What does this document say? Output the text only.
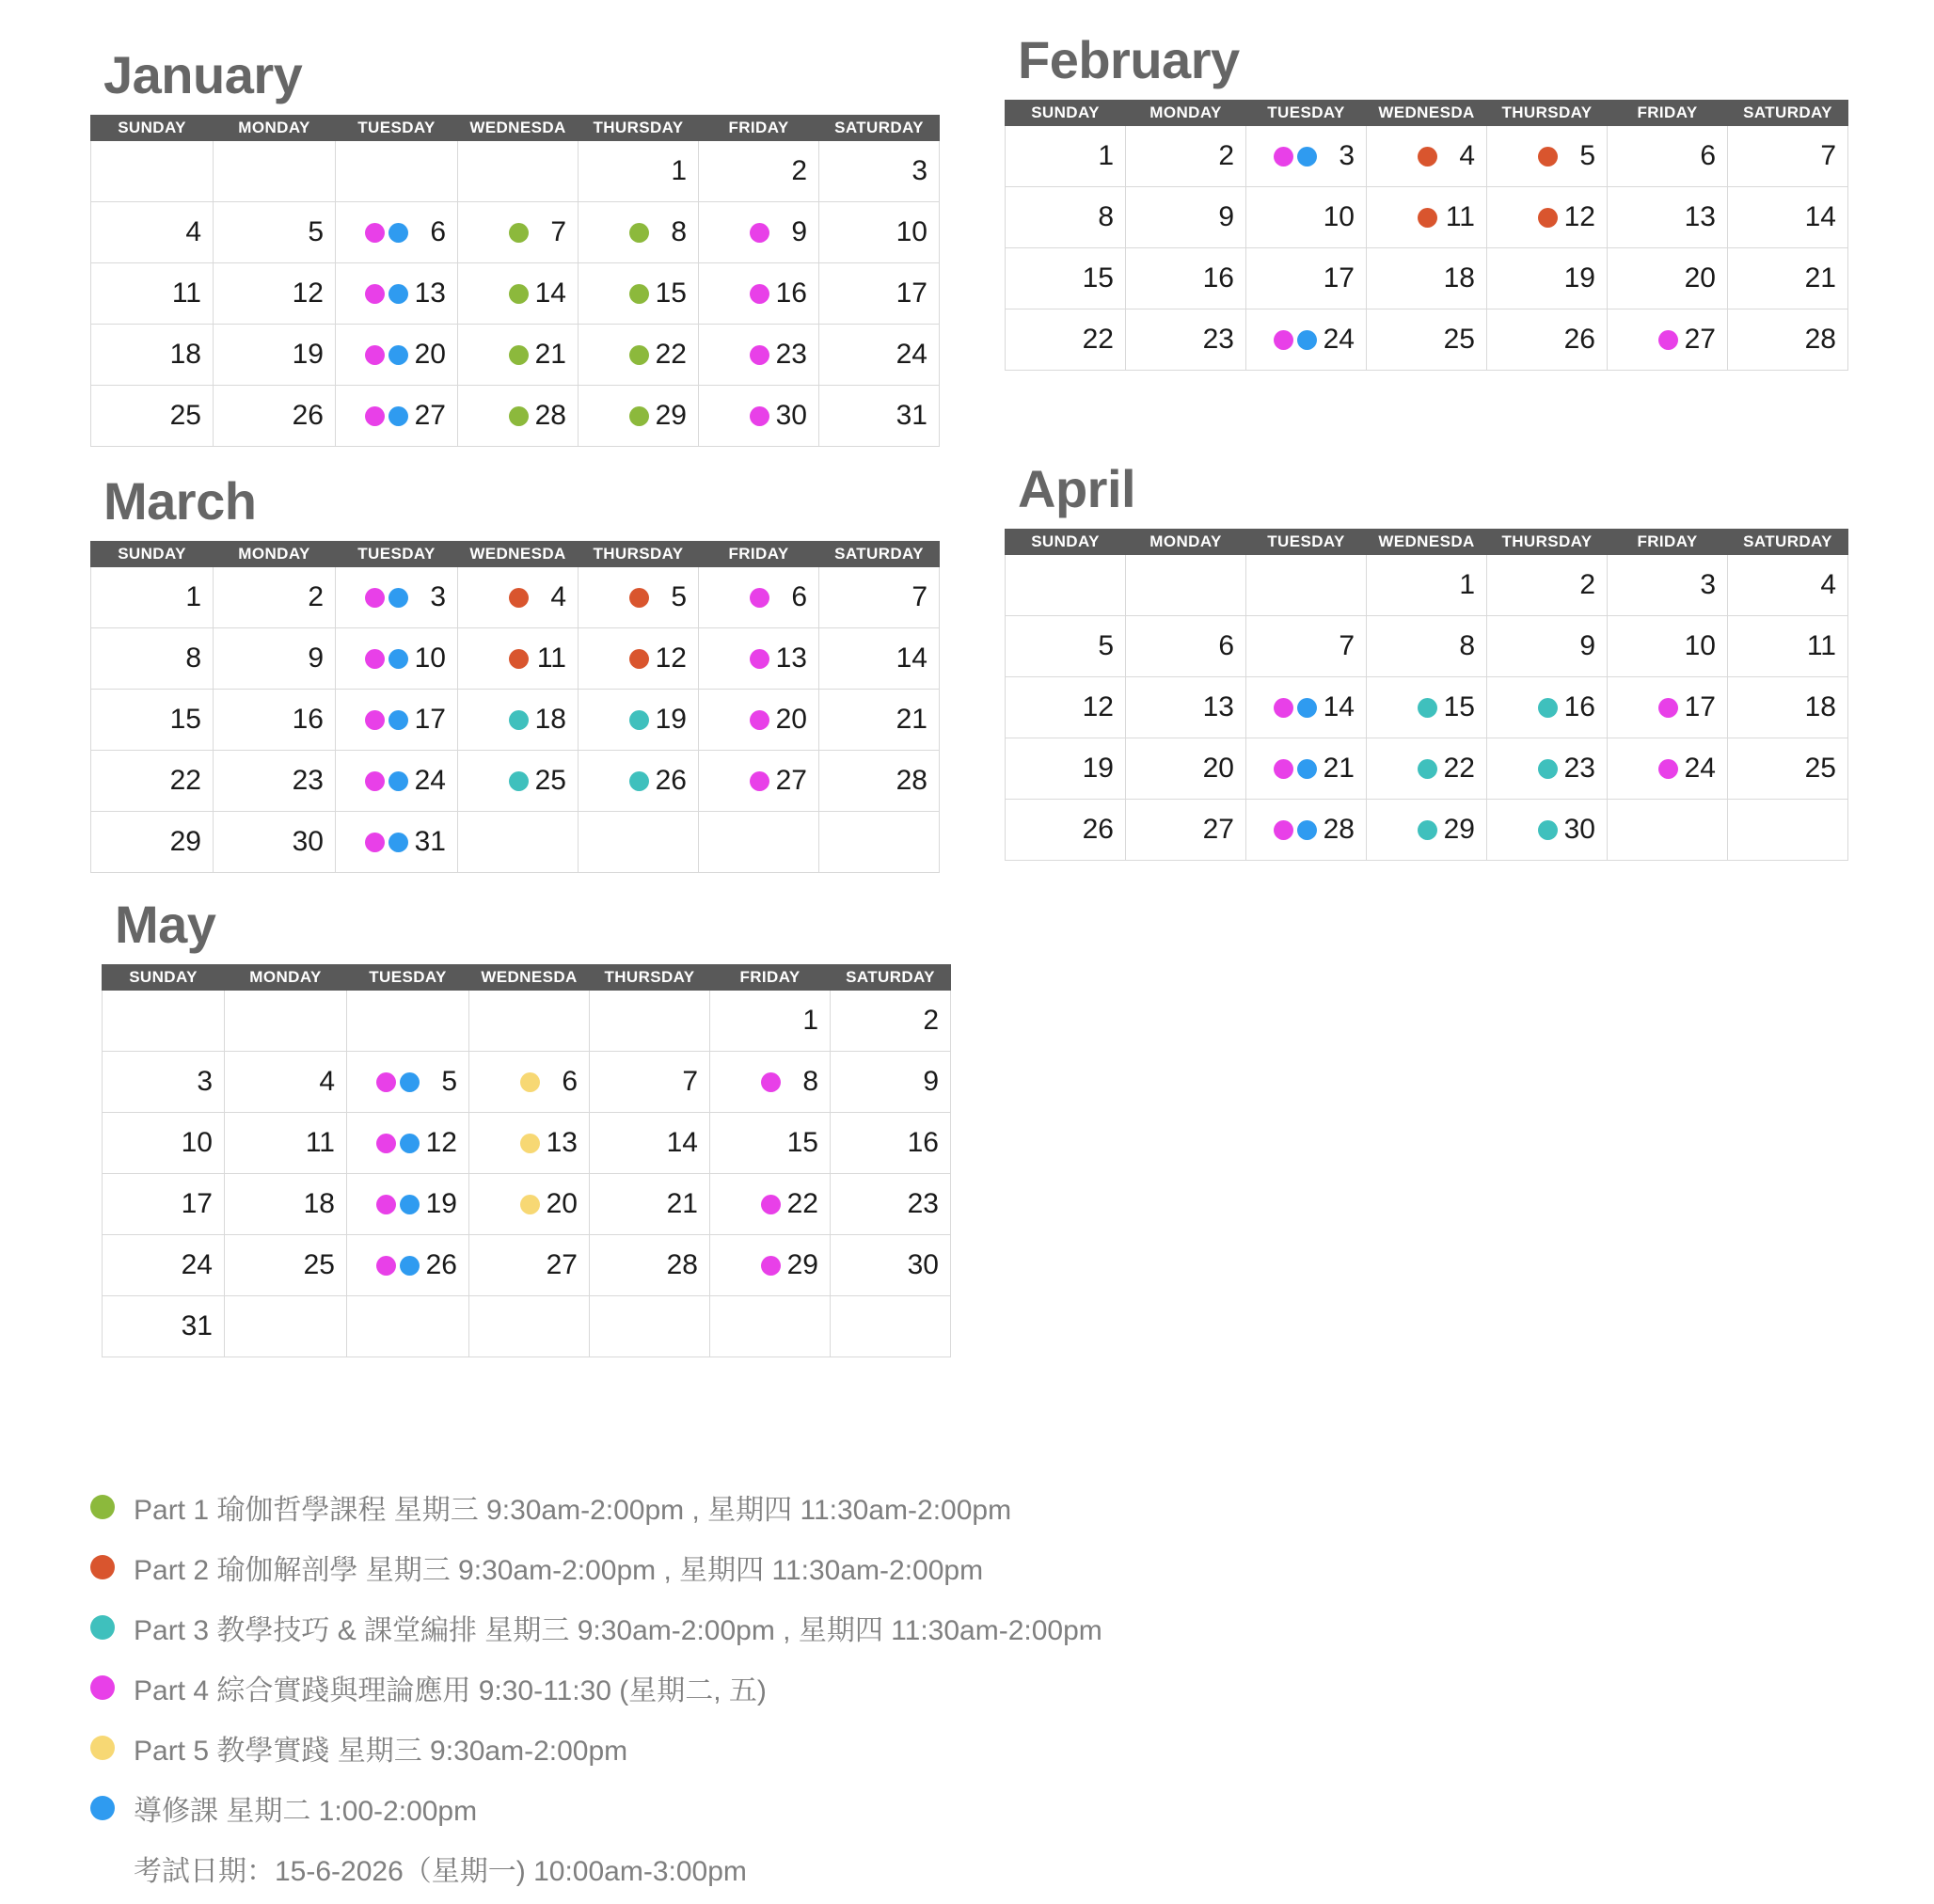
January
SUNDAY	MONDAY	TUESDAY	WEDNESDA	THURSDAY	FRIDAY	SATURDAY

				1	2	3

4	5	6	7	8	9	10

11	12	13	14	15	16	17

18	19	20	21	22	23	24

25	26	27	28	29	30	31
February
SUNDAY	MONDAY	TUESDAY	WEDNESDA	THURSDAY	FRIDAY	SATURDAY

1	2	3	4	5	6	7

8	9	10	11	12	13	14

15	16	17	18	19	20	21

22	23	24	25	26	27	28
March
SUNDAY	MONDAY	TUESDAY	WEDNESDA	THURSDAY	FRIDAY	SATURDAY

1	2	3	4	5	6	7

8	9	10	11	12	13	14

15	16	17	18	19	20	21

22	23	24	25	26	27	28

29	30	31				

April
SUNDAY	MONDAY	TUESDAY	WEDNESDA	THURSDAY	FRIDAY	SATURDAY

			1	2	3	4

5	6	7	8	9	10	11

12	13	14	15	16	17	18

19	20	21	22	23	24	25

26	27	28	29	30		

May
SUNDAY	MONDAY	TUESDAY	WEDNESDA	THURSDAY	FRIDAY	SATURDAY

					1	2

3	4	5	6	7	8	9

10	11	12	13	14	15	16

17	18	19	20	21	22	23

24	25	26	27	28	29	30

31						

Part 1 瑜伽哲學課程 星期三 9:30am-2:00pm , 星期四 11:30am-2:00pm
Part 2 瑜伽解剖學 星期三 9:30am-2:00pm , 星期四 11:30am-2:00pm
Part 3 教學技巧 & 課堂編排 星期三 9:30am-2:00pm , 星期四 11:30am-2:00pm
Part 4 綜合實踐與理論應用 9:30-11:30 (星期二, 五)
Part 5 教學實踐 星期三 9:30am-2:00pm
導修課 星期二 1:00-2:00pm
考試日期：15-6-2026（星期一) 10:00am-3:00pm
